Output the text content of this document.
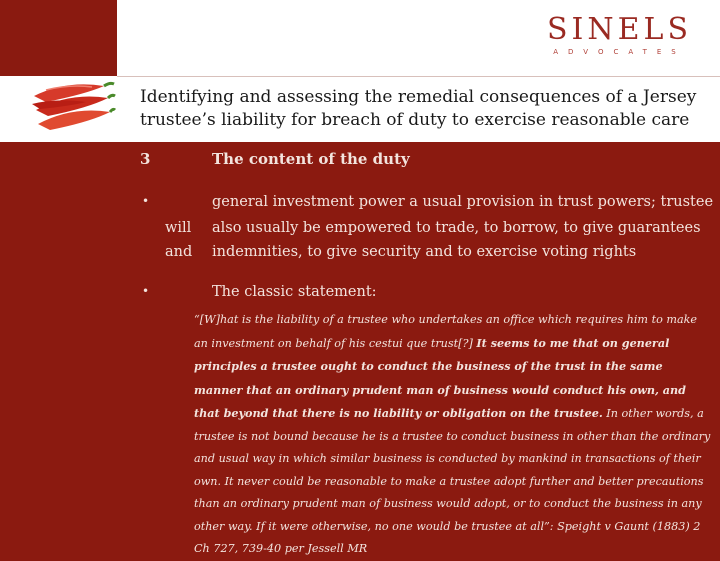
SINELS
ADVOCATES
Identifying and assessing the remedial consequences of a Jersey
trustee’s liability for breach of duty to exercise reasonable care
3	The content of the duty
•	general investment power a usual provision in trust powers; trustee
will also usually be empowered to trade, to borrow, to give guarantees
and indemnities, to give security and to exercise voting rights
•	The classic statement:
“[W]hat is the liability of a trustee who undertakes an office which requires him to make an investment on behalf of his cestui que trust[?] It seems to me that on general principles a trustee ought to conduct the business of the trust in the same manner that an ordinary prudent man of business would conduct his own, and that beyond that there is no liability or obligation on the trustee. In other words, a trustee is not bound because he is a trustee to conduct business in other than the ordinary and usual way in which similar business is conducted by mankind in transactions of their own. It never could be reasonable to make a trustee adopt further and better precautions than an ordinary prudent man of business would adopt, or to conduct the business in any other way. If it were otherwise, no one would be trustee at all”: Speight v Gaunt (1883) 2 Ch 727, 739-40 per Jessell MR
